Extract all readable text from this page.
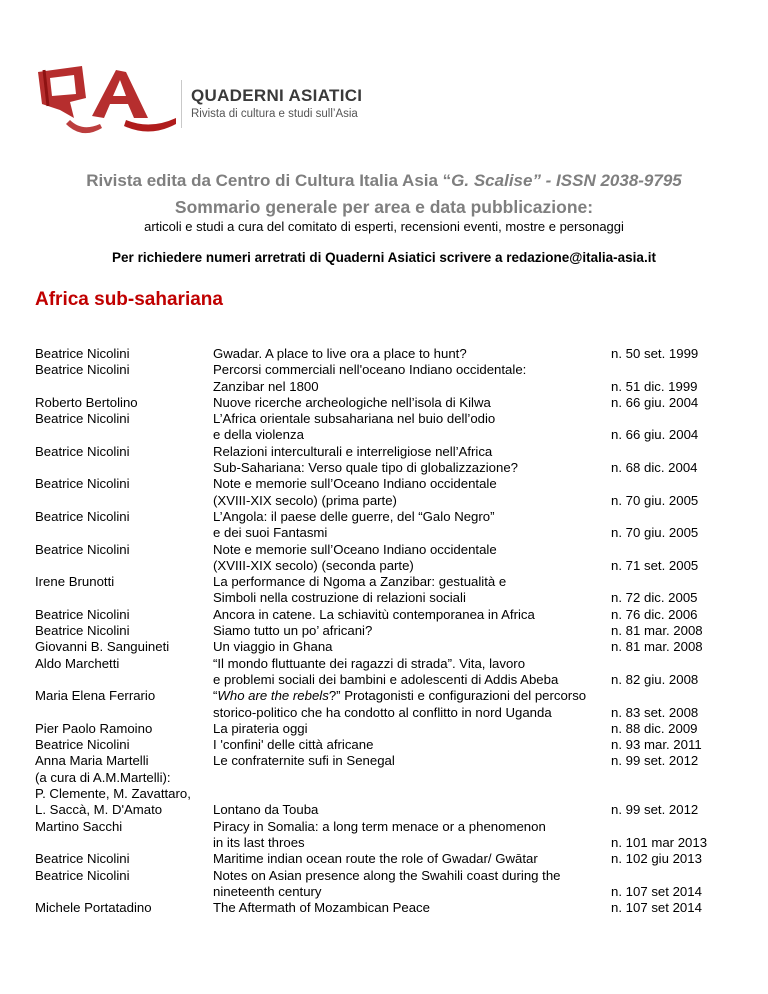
QUADERNI ASIATICI
Rivista di cultura e studi sull’Asia
Rivista edita da Centro di Cultura Italia Asia “G. Scalise” - ISSN 2038-9795
Sommario generale per area e data pubblicazione:
articoli e studi a cura del comitato di esperti, recensioni eventi, mostre e personaggi
Per richiedere numeri arretrati di Quaderni Asiatici scrivere a redazione@italia-asia.it
Africa sub-sahariana
Beatrice Nicolini	Gwadar. A place to live ora a place to hunt?	n. 50 set. 1999
Beatrice Nicolini	Percorsi commerciali nell'oceano Indiano occidentale:
Zanzibar nel 1800	n. 51 dic. 1999
Roberto Bertolino	Nuove ricerche archeologiche nell’isola di Kilwa	n. 66 giu. 2004
Beatrice Nicolini	L’Africa orientale subsahariana nel buio dell’odio
e della violenza	n. 66 giu. 2004
Beatrice Nicolini	Relazioni interculturali e interreligiose nell’Africa
Sub-Sahariana: Verso quale tipo di globalizzazione?	n. 68 dic. 2004
Beatrice Nicolini	Note e memorie sull’Oceano Indiano occidentale
(XVIII-XIX secolo) (prima parte)	n. 70 giu. 2005
Beatrice Nicolini	L’Angola: il paese delle guerre, del “Galo Negro”
e dei suoi Fantasmi	n. 70 giu. 2005
Beatrice Nicolini	Note e memorie sull’Oceano Indiano occidentale
(XVIII-XIX secolo) (seconda parte)	n. 71 set. 2005
Irene Brunotti	La performance di Ngoma a Zanzibar: gestualità e
Simboli nella costruzione di relazioni sociali	n. 72 dic. 2005
Beatrice Nicolini	Ancora in catene. La schiavitù contemporanea in Africa	n. 76 dic. 2006
Beatrice Nicolini	Siamo tutto un po’ africani?	n. 81 mar. 2008
Giovanni B. Sanguineti	Un viaggio in Ghana	n. 81 mar. 2008
Aldo Marchetti	“Il mondo fluttuante dei ragazzi di strada”. Vita, lavoro
e problemi sociali dei bambini e adolescenti di Addis Abeba	n. 82 giu. 2008
Maria Elena Ferrario	“Who are the rebels?” Protagonisti e configurazioni del percorso
storico-politico che ha condotto al conflitto in nord Uganda	n. 83 set. 2008
Pier Paolo Ramoino	La pirateria oggi	n. 88 dic. 2009
Beatrice Nicolini	I 'confini' delle città africane	n. 93 mar. 2011
Anna Maria Martelli	Le confraternite sufi in Senegal	n. 99 set. 2012
(a cura di A.M.Martelli):
P. Clemente, M. Zavattaro,
L. Saccà, M. D'Amato	Lontano da Touba	n. 99 set. 2012
Martino Sacchi	Piracy in Somalia: a long term menace or a phenomenon
in its last throes	n. 101 mar 2013
Beatrice Nicolini	Maritime indian ocean route the role of Gwadar/ Gwātar	n. 102 giu 2013
Beatrice Nicolini	Notes on Asian presence along the Swahili coast during the
nineteenth century	n. 107 set 2014
Michele Portatadino	The Aftermath of Mozambican Peace	n. 107 set 2014
